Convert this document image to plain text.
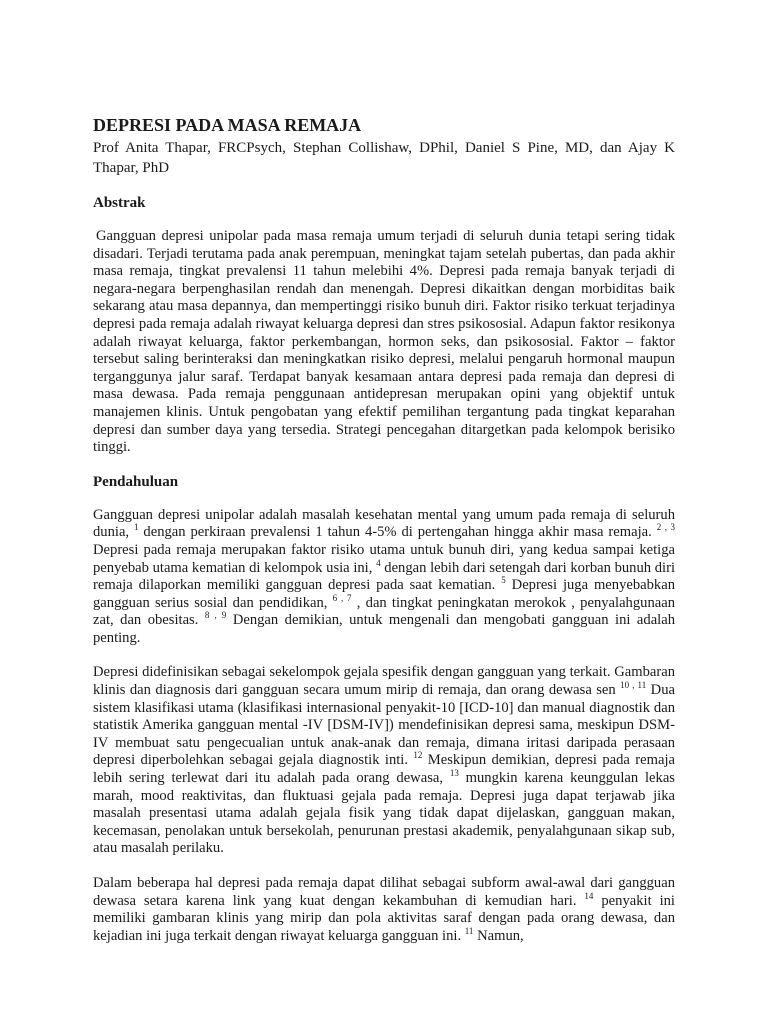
DEPRESI PADA MASA REMAJA

Prof Anita Thapar, FRCPsych, Stephan Collishaw, DPhil, Daniel S Pine, MD, dan Ajay K Thapar, PhD

Abstrak

Gangguan depresi unipolar pada masa remaja umum terjadi di seluruh dunia tetapi sering tidak disadari. Terjadi terutama pada anak perempuan, meningkat tajam setelah pubertas, dan pada akhir masa remaja, tingkat prevalensi 11 tahun melebihi 4%. Depresi pada remaja banyak terjadi di negara-negara berpenghasilan rendah dan menengah. Depresi dikaitkan dengan morbiditas baik sekarang atau masa depannya, dan mempertinggi risiko bunuh diri. Faktor risiko terkuat terjadinya depresi pada remaja adalah riwayat keluarga depresi dan stres psikososial. Adapun faktor resikonya adalah riwayat keluarga, faktor perkembangan, hormon seks, dan psikososial. Faktor – faktor tersebut saling berinteraksi dan meningkatkan risiko depresi, melalui pengaruh hormonal maupun terganggunya jalur saraf. Terdapat banyak kesamaan antara depresi pada remaja dan depresi di masa dewasa. Pada remaja penggunaan antidepresan merupakan opini yang objektif untuk manajemen klinis. Untuk pengobatan yang efektif pemilihan tergantung pada tingkat keparahan depresi dan sumber daya yang tersedia. Strategi pencegahan ditargetkan pada kelompok berisiko tinggi.

Pendahuluan

Gangguan depresi unipolar adalah masalah kesehatan mental yang umum pada remaja di seluruh dunia, $^1$ dengan perkiraan prevalensi 1 tahun 4-5% di pertengahan hingga akhir masa remaja. $^{2 , 3}$ Depresi pada remaja merupakan faktor risiko utama untuk bunuh diri, yang kedua sampai ketiga penyebab utama kematian di kelompok usia ini, $^4$ dengan lebih dari setengah dari korban bunuh diri remaja dilaporkan memiliki gangguan depresi pada saat kematian. $^5$ Depresi juga menyebabkan gangguan serius sosial dan pendidikan, $^{6 , 7}$ , dan tingkat peningkatan merokok , penyalahgunaan zat, dan obesitas. $^{8 , 9}$ Dengan demikian, untuk mengenali dan mengobati gangguan ini adalah penting.

Depresi didefinisikan sebagai sekelompok gejala spesifik dengan gangguan yang terkait. Gambaran klinis dan diagnosis dari gangguan secara umum mirip di remaja, dan orang dewasa sen $^{10 , 11}$ Dua sistem klasifikasi utama (klasifikasi internasional penyakit-10 [ICD-10] dan manual diagnostik dan statistik Amerika gangguan mental -IV [DSM-IV]) mendefinisikan depresi sama, meskipun DSM-IV membuat satu pengecualian untuk anak-anak dan remaja, dimana iritasi daripada perasaan depresi diperbolehkan sebagai gejala diagnostik inti. $^{12}$ Meskipun demikian, depresi pada remaja lebih sering terlewat dari itu adalah pada orang dewasa, $^{13}$ mungkin karena keunggulan lekas marah, mood reaktivitas, dan fluktuasi gejala pada remaja. Depresi juga dapat terjawab jika masalah presentasi utama adalah gejala fisik yang tidak dapat dijelaskan, gangguan makan, kecemasan, penolakan untuk bersekolah, penurunan prestasi akademik, penyalahgunaan sikap sub, atau masalah perilaku.

Dalam beberapa hal depresi pada remaja dapat dilihat sebagai subform awal-awal dari gangguan dewasa setara karena link yang kuat dengan kekambuhan di kemudian hari. $^{14}$ penyakit ini memiliki gambaran klinis yang mirip dan pola aktivitas saraf dengan pada orang dewasa, dan kejadian ini juga terkait dengan riwayat keluarga gangguan ini. $^{11}$ Namun,
